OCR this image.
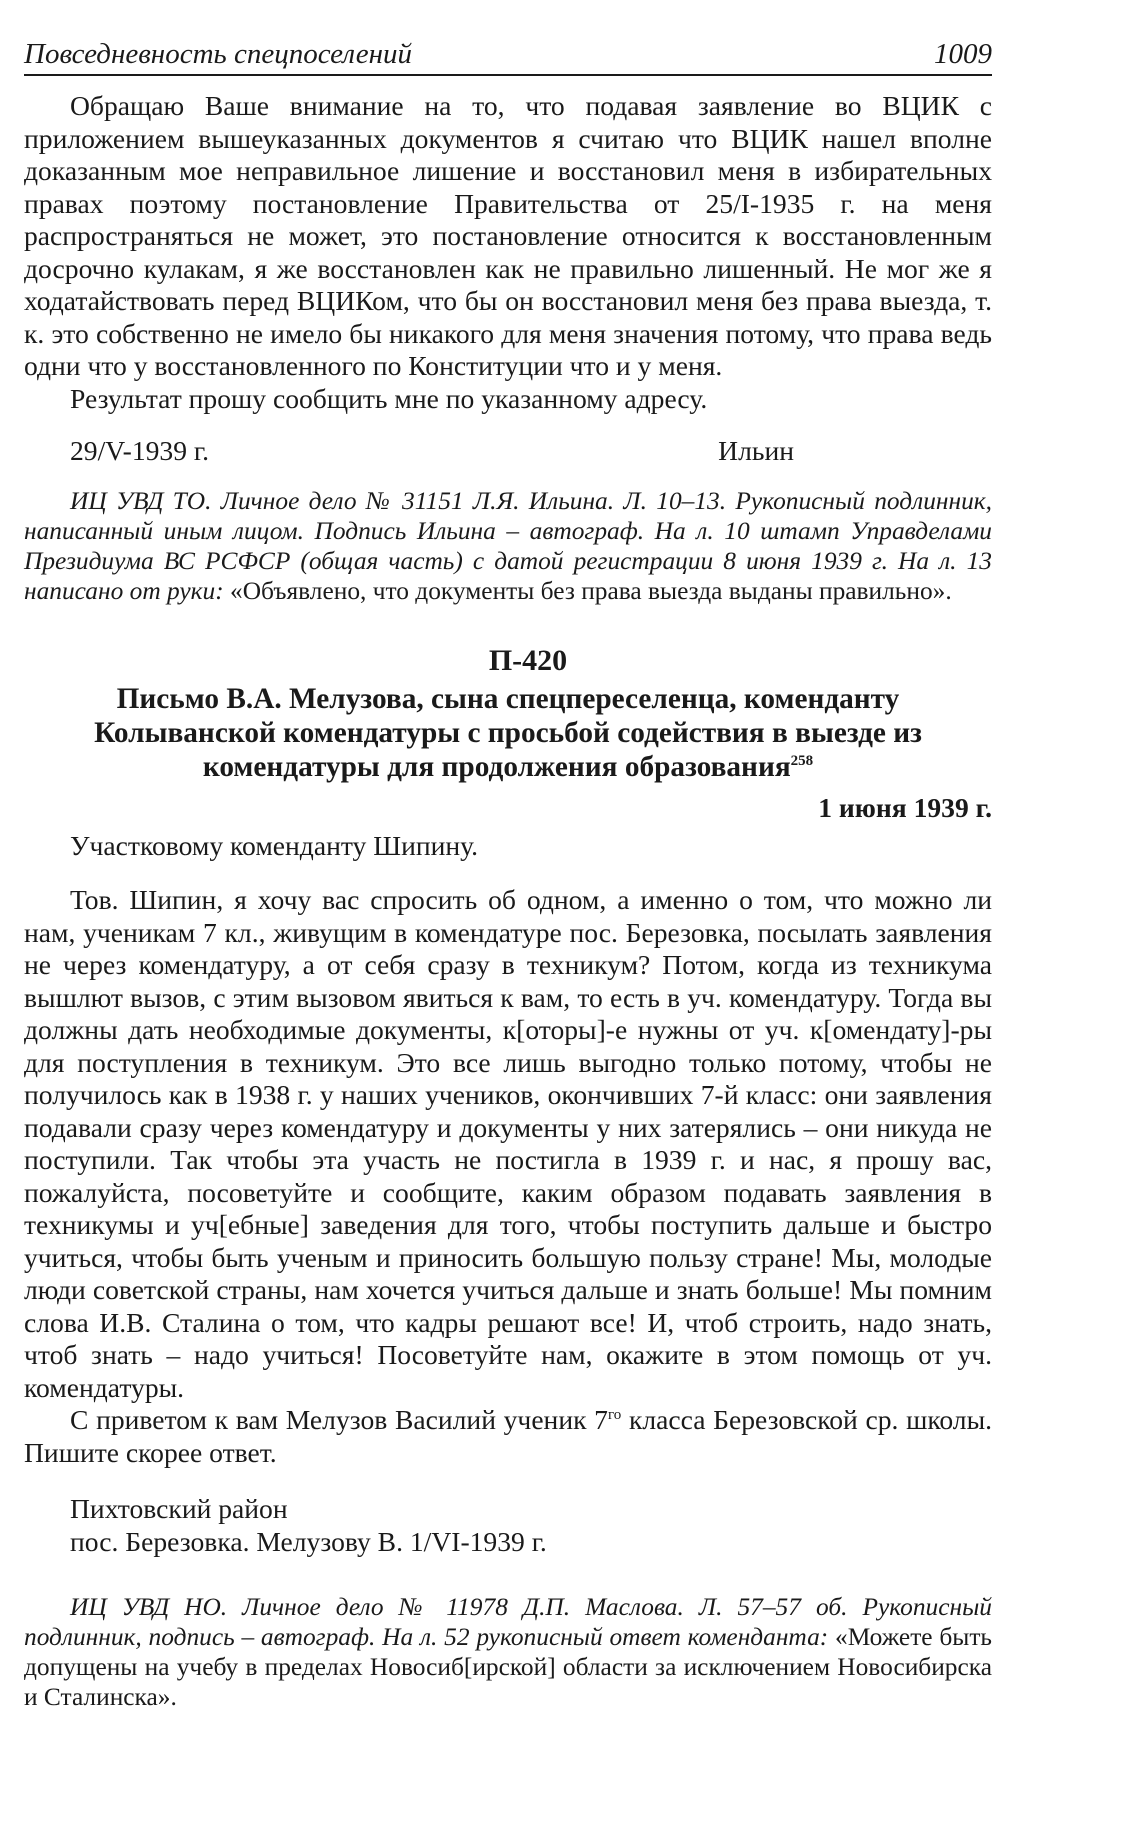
Повседневность спецпоселений	1009

Обращаю Ваше внимание на то, что подавая заявление во ВЦИК с приложением вышеуказанных документов я считаю что ВЦИК нашел вполне доказанным мое неправильное лишение и восстановил меня в избирательных правах поэтому постановление Правительства от 25/I-1935 г. на меня распространяться не может, это постановление относится к восстановленным досрочно кулакам, я же восстановлен как не правильно лишенный. Не мог же я ходатайствовать перед ВЦИКом, что бы он восстановил меня без права выезда, т. к. это собственно не имело бы никакого для меня значения потому, что права ведь одни что у восстановленного по Конституции что и у меня.

Результат прошу сообщить мне по указанному адресу.

29/V-1939 г.	Ильин

ИЦ УВД ТО. Личное дело № 31151 Л.Я. Ильина. Л. 10–13. Рукописный подлинник, написанный иным лицом. Подпись Ильина – автограф. На л. 10 штамп Управделами Президиума ВС РСФСР (общая часть) с датой регистрации 8 июня 1939 г. На л. 13 написано от руки: «Объявлено, что документы без права выезда выданы правильно».

П-420
Письмо В.А. Мелузова, сына спецпереселенца, коменданту Колыванской комендатуры с просьбой содействия в выезде из комендатуры для продолжения образования$^{258}$
1 июня 1939 г.

Участковому коменданту Шипину.

Тов. Шипин, я хочу вас спросить об одном, а именно о том, что можно ли нам, ученикам 7 кл., живущим в комендатуре пос. Березовка, посылать заявления не через комендатуру, а от себя сразу в техникум? Потом, когда из техникума вышлют вызов, с этим вызовом явиться к вам, то есть в уч. комендатуру. Тогда вы должны дать необходимые документы, к[оторы]-е нужны от уч. к[омендату]-ры для поступления в техникум. Это все лишь выгодно только потому, чтобы не получилось как в 1938 г. у наших учеников, окончивших 7-й класс: они заявления подавали сразу через комендатуру и документы у них затерялись – они никуда не поступили. Так чтобы эта участь не постигла в 1939 г. и нас, я прошу вас, пожалуйста, посоветуйте и сообщите, каким образом подавать заявления в техникумы и уч[ебные] заведения для того, чтобы поступить дальше и быстро учиться, чтобы быть ученым и приносить большую пользу стране! Мы, молодые люди советской страны, нам хочется учиться дальше и знать больше! Мы помним слова И.В. Сталина о том, что кадры решают все! И, чтоб строить, надо знать, чтоб знать – надо учиться! Посоветуйте нам, окажите в этом помощь от уч. комендатуры.

С приветом к вам Мелузов Василий ученик $7^{го}$ класса Березовской ср. школы. Пишите скорее ответ.

Пихтовский район

пос. Березовка. Мелузову В. 1/VI-1939 г.

ИЦ УВД НО. Личное дело № 11978 Д.П. Маслова. Л. 57–57 об. Рукописный подлинник, подпись – автограф. На л. 52 рукописный ответ коменданта: «Можете быть допущены на учебу в пределах Новосиб[ирской] области за исключением Новосибирска и Сталинска».
